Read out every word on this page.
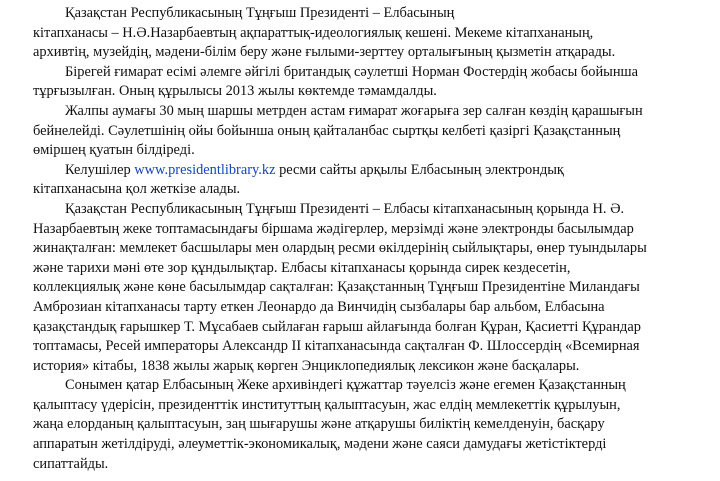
Қазақстан Республикасының Тұңғыш Президенті – Елбасының
кітапханасы – Н.Ә.Назарбаевтың ақпараттық-идеологиялық кешені. Мекеме кітапхананың,
архивтің, музейдің, мәдени-білім беру және ғылыми-зерттеу орталығының қызметін атқарады.
Бірегей ғимарат есімі әлемге әйгілі британдық сәулетші Норман Фостердің жобасы бойынша
тұрғызылған. Оның құрылысы 2013 жылы көктемде тәмамдалды.
Жалпы аумағы 30 мың шаршы метрден астам ғимарат жоғарыға зер салған көздің қарашығын
бейнелейді. Сәулетшінің ойы бойынша оның қайталанбас сыртқы келбеті қазіргі Қазақстанның
өміршең қуатын білдіреді.
Келушілер www.presidentlibrary.kz ресми сайты арқылы Елбасының электрондық
кітапханасына қол жеткізе алады.
Қазақстан Республикасының Тұңғыш Президенті – Елбасы кітапханасының қорында Н. Ә.
Назарбаевтың жеке топтамасындағы біршама жәдігерлер, мерзімді және электронды басылымдар
жинақталған: мемлекет басшылары мен олардың ресми өкілдерінің сыйлықтары, өнер туындылары
және тарихи мәні өте зор құндылықтар. Елбасы кітапханасы қорында сирек кездесетін,
коллекциялық және көне басылымдар сақталған: Қазақстанның Тұңғыш Президентіне Миландағы
Амброзиан кітапханасы тарту еткен Леонардо да Винчидің сызбалары бар альбом, Елбасына
қазақстандық ғарышкер Т. Мұсабаев сыйлаған ғарыш айлағында болған Құран, Қасиетті Құрандар
топтамасы, Ресей императоры Александр II кітапханасында сақталған Ф. Шлоссердің «Всемирная
история» кітабы, 1838 жылы жарық көрген Энциклопедиялық лексикон және басқалары.
Сонымен қатар Елбасының Жеке архивіндегі құжаттар тәуелсіз және егемен Қазақстанның
қалыптасу үдерісін, президенттік институттың қалыптасуын, жас елдің мемлекеттік құрылуын,
жаңа елорданың қалыптасуын, заң шығарушы және атқарушы биліктің кемелденуін, басқару
аппаратын жетілдіруді, әлеуметтік-экономикалық, мәдени және саяси дамудағы жетістіктерді
сипаттайды.
